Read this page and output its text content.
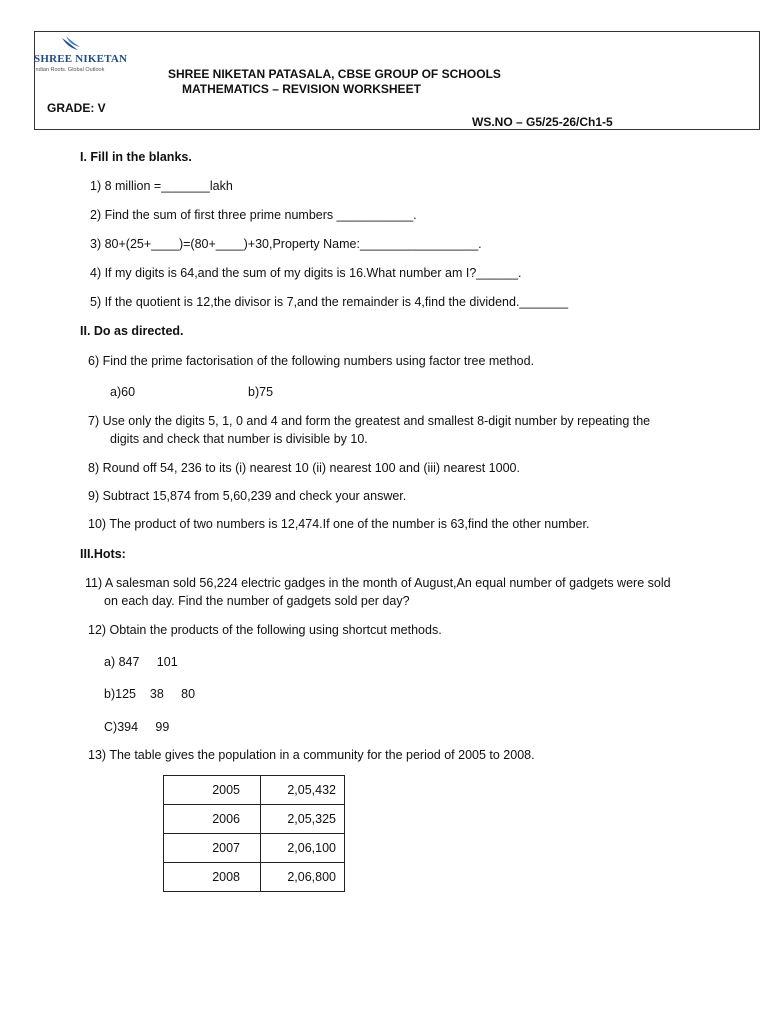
SHREE NIKETAN
Indian Roots. Global Outlook	SHREE NIKETAN PATASALA, CBSE GROUP OF SCHOOLS
MATHEMATICS – REVISION WORKSHEET
GRADE: V
WS.NO – G5/25-26/Ch1-5
I. Fill in the blanks.
1) 8 million =_______lakh
2) Find the sum of first three prime numbers ___________.
3) 80+(25+____)=(80+____)+30,Property Name:_________________.
4) If my digits is 64,and the sum of my digits is 16.What number am I?______.
5) If the quotient is 12,the divisor is 7,and the remainder is 4,find the dividend._______
II. Do as directed.
6) Find the prime factorisation of the following numbers using factor tree method.
a)60	b)75
7) Use only the digits 5, 1, 0 and 4 and form the greatest and smallest 8-digit number by repeating the
digits and check that number is divisible by 10.
8) Round off 54, 236 to its (i) nearest 10 (ii) nearest 100 and (iii) nearest 1000.
9) Subtract 15,874 from 5,60,239 and check your answer.
10) The product of two numbers is 12,474.If one of the number is 63,find the other number.
III.Hots:
11) A salesman sold 56,224 electric gadges in the month of August,An equal number of gadgets were sold
on each day. Find the number of gadgets sold per day?
12) Obtain the products of the following using shortcut methods.
a) 847     101
b)125    38     80
C)394     99
13) The table gives the population in a community for the period of 2005 to 2008.
2005	2,05,432
2006	2,05,325
2007	2,06,100
2008	2,06,800
